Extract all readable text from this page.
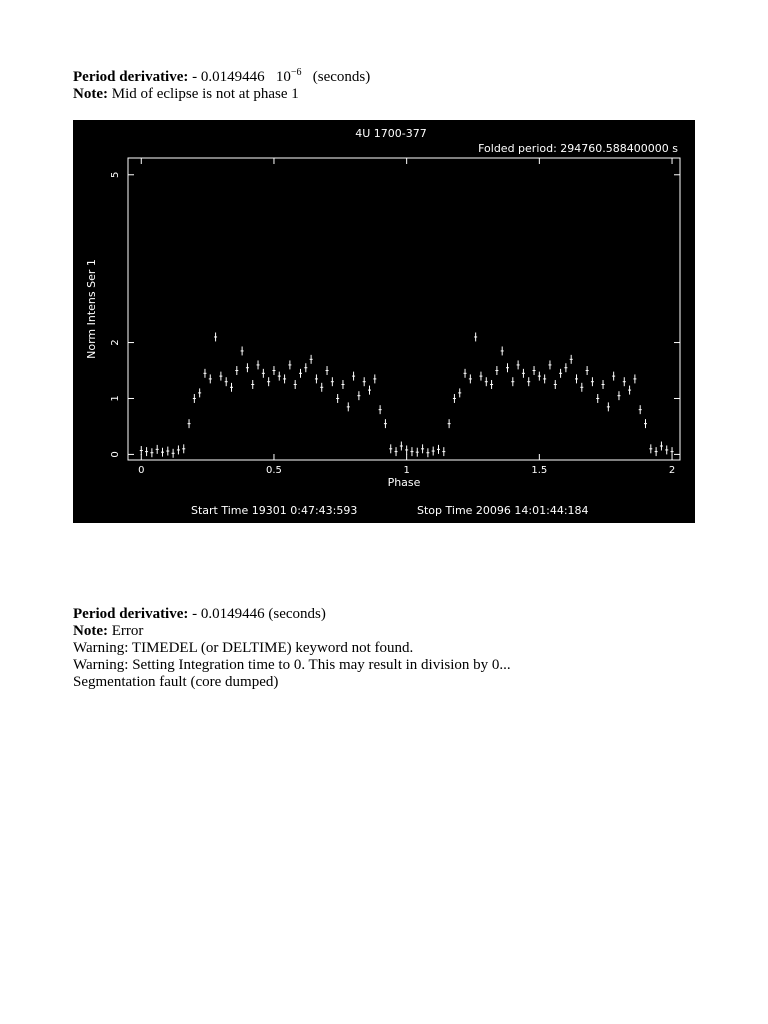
Period derivative: - 0.0149446   $10^{-6}$   (seconds)
Note: Mid of eclipse is not at phase 1
4U 1700-377
Folded period: 294760.588400000 s
0	0.5	1	1.5	2
0
1
2
5
Phase
Norm Intens Ser 1
Start Time 19301 0:47:43:593	Stop Time 20096 14:01:44:184
Period derivative: - 0.0149446 (seconds)
Note: Error
Warning: TIMEDEL (or DELTIME) keyword not found.
Warning: Setting Integration time to 0. This may result in division by 0...
Segmentation fault (core dumped)
